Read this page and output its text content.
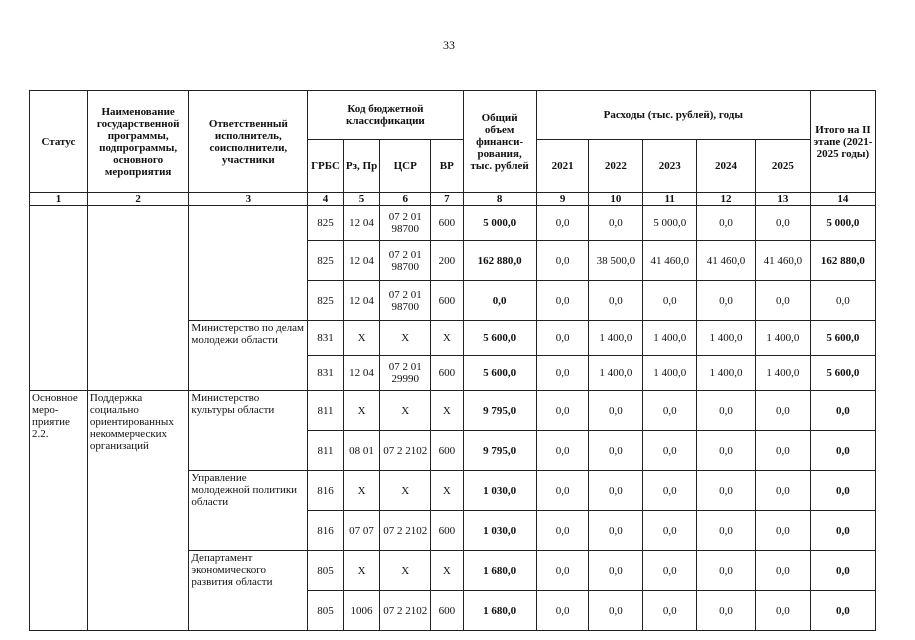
33
Статус	Наименование государственной программы, подпрограммы, основного мероприятия	Ответственный исполнитель, соисполнители, участники	Код бюджетной классификации				Общий объем финанси-рования, тыс. рублей	Расходы (тыс. рублей), годы					Итого на II этапе (2021-2025 годы)
			ГРБС	Рз, Пр	ЦСР	ВР		2021	2022	2023	2024	2025	
1	2	3	4	5	6	7	8	9	10	11	12	13	14
			825	12 04	07 2 01 98700	600	5 000,0	0,0	0,0	5 000,0	0,0	0,0	5 000,0
			825	12 04	07 2 01 98700	200	162 880,0	0,0	38 500,0	41 460,0	41 460,0	41 460,0	162 880,0
			825	12 04	07 2 01 98700	600	0,0	0,0	0,0	0,0	0,0	0,0	0,0
		Министерство по делам молодежи области	831	X	X	X	5 600,0	0,0	1 400,0	1 400,0	1 400,0	1 400,0	5 600,0
			831	12 04	07 2 01 29990	600	5 600,0	0,0	1 400,0	1 400,0	1 400,0	1 400,0	5 600,0
Основное меро-приятие 2.2.	Поддержка социально ориентированных некоммерческих организаций	Министерство культуры области	811	X	X	X	9 795,0	0,0	0,0	0,0	0,0	0,0	0,0
			811	08 01	07 2 2102	600	9 795,0	0,0	0,0	0,0	0,0	0,0	0,0
		Управление молодежной политики области	816	X	X	X	1 030,0	0,0	0,0	0,0	0,0	0,0	0,0
			816	07 07	07 2 2102	600	1 030,0	0,0	0,0	0,0	0,0	0,0	0,0
		Департамент экономического развития области	805	X	X	X	1 680,0	0,0	0,0	0,0	0,0	0,0	0,0
			805	1006	07 2 2102	600	1 680,0	0,0	0,0	0,0	0,0	0,0	0,0
